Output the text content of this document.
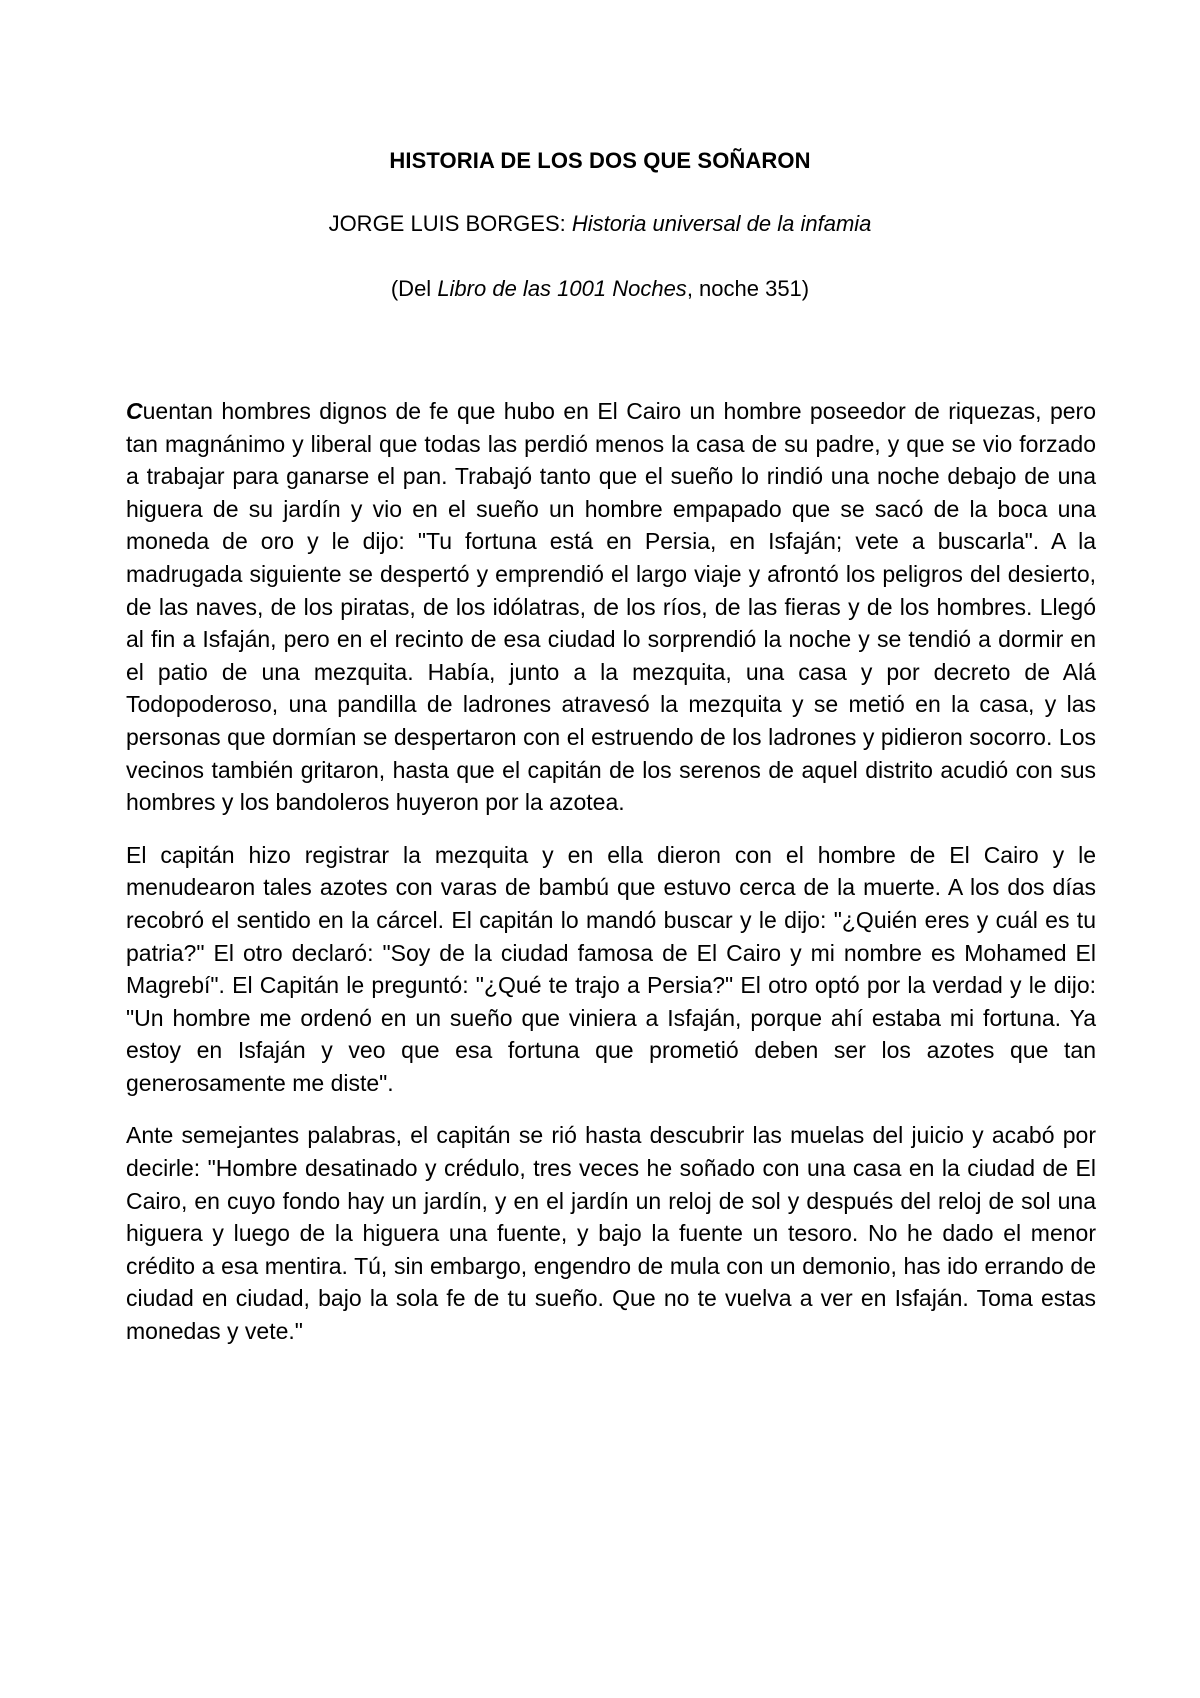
HISTORIA DE LOS DOS QUE SOÑARON
JORGE LUIS BORGES: Historia universal de la infamia
(Del Libro de las 1001 Noches, noche 351)

Cuentan hombres dignos de fe que hubo en El Cairo un hombre poseedor de riquezas, pero tan magnánimo y liberal que todas las perdió menos la casa de su padre, y que se vio forzado a trabajar para ganarse el pan. Trabajó tanto que el sueño lo rindió una noche debajo de una higuera de su jardín y vio en el sueño un hombre empapado que se sacó de la boca una moneda de oro y le dijo: "Tu fortuna está en Persia, en Isfaján; vete a buscarla". A la madrugada siguiente se despertó y emprendió el largo viaje y afrontó los peligros del desierto, de las naves, de los piratas, de los idólatras, de los ríos, de las fieras y de los hombres. Llegó al fin a Isfaján, pero en el recinto de esa ciudad lo sorprendió la noche y se tendió a dormir en el patio de una mezquita. Había, junto a la mezquita, una casa y por decreto de Alá Todopoderoso, una pandilla de ladrones atravesó la mezquita y se metió en la casa, y las personas que dormían se despertaron con el estruendo de los ladrones y pidieron socorro. Los vecinos también gritaron, hasta que el capitán de los serenos de aquel distrito acudió con sus hombres y los bandoleros huyeron por la azotea.

El capitán hizo registrar la mezquita y en ella dieron con el hombre de El Cairo y le menudearon tales azotes con varas de bambú que estuvo cerca de la muerte. A los dos días recobró el sentido en la cárcel. El capitán lo mandó buscar y le dijo: "¿Quién eres y cuál es tu patria?" El otro declaró: "Soy de la ciudad famosa de El Cairo y mi nombre es Mohamed El Magrebí". El Capitán le preguntó: "¿Qué te trajo a Persia?" El otro optó por la verdad y le dijo: "Un hombre me ordenó en un sueño que viniera a Isfaján, porque ahí estaba mi fortuna. Ya estoy en Isfaján y veo que esa fortuna que prometió deben ser los azotes que tan generosamente me diste".

Ante semejantes palabras, el capitán se rió hasta descubrir las muelas del juicio y acabó por decirle: "Hombre desatinado y crédulo, tres veces he soñado con una casa en la ciudad de El Cairo, en cuyo fondo hay un jardín, y en el jardín un reloj de sol y después del reloj de sol una higuera y luego de la higuera una fuente, y bajo la fuente un tesoro. No he dado el menor crédito a esa mentira. Tú, sin embargo, engendro de mula con un demonio, has ido errando de ciudad en ciudad, bajo la sola fe de tu sueño. Que no te vuelva a ver en Isfaján. Toma estas monedas y vete."
